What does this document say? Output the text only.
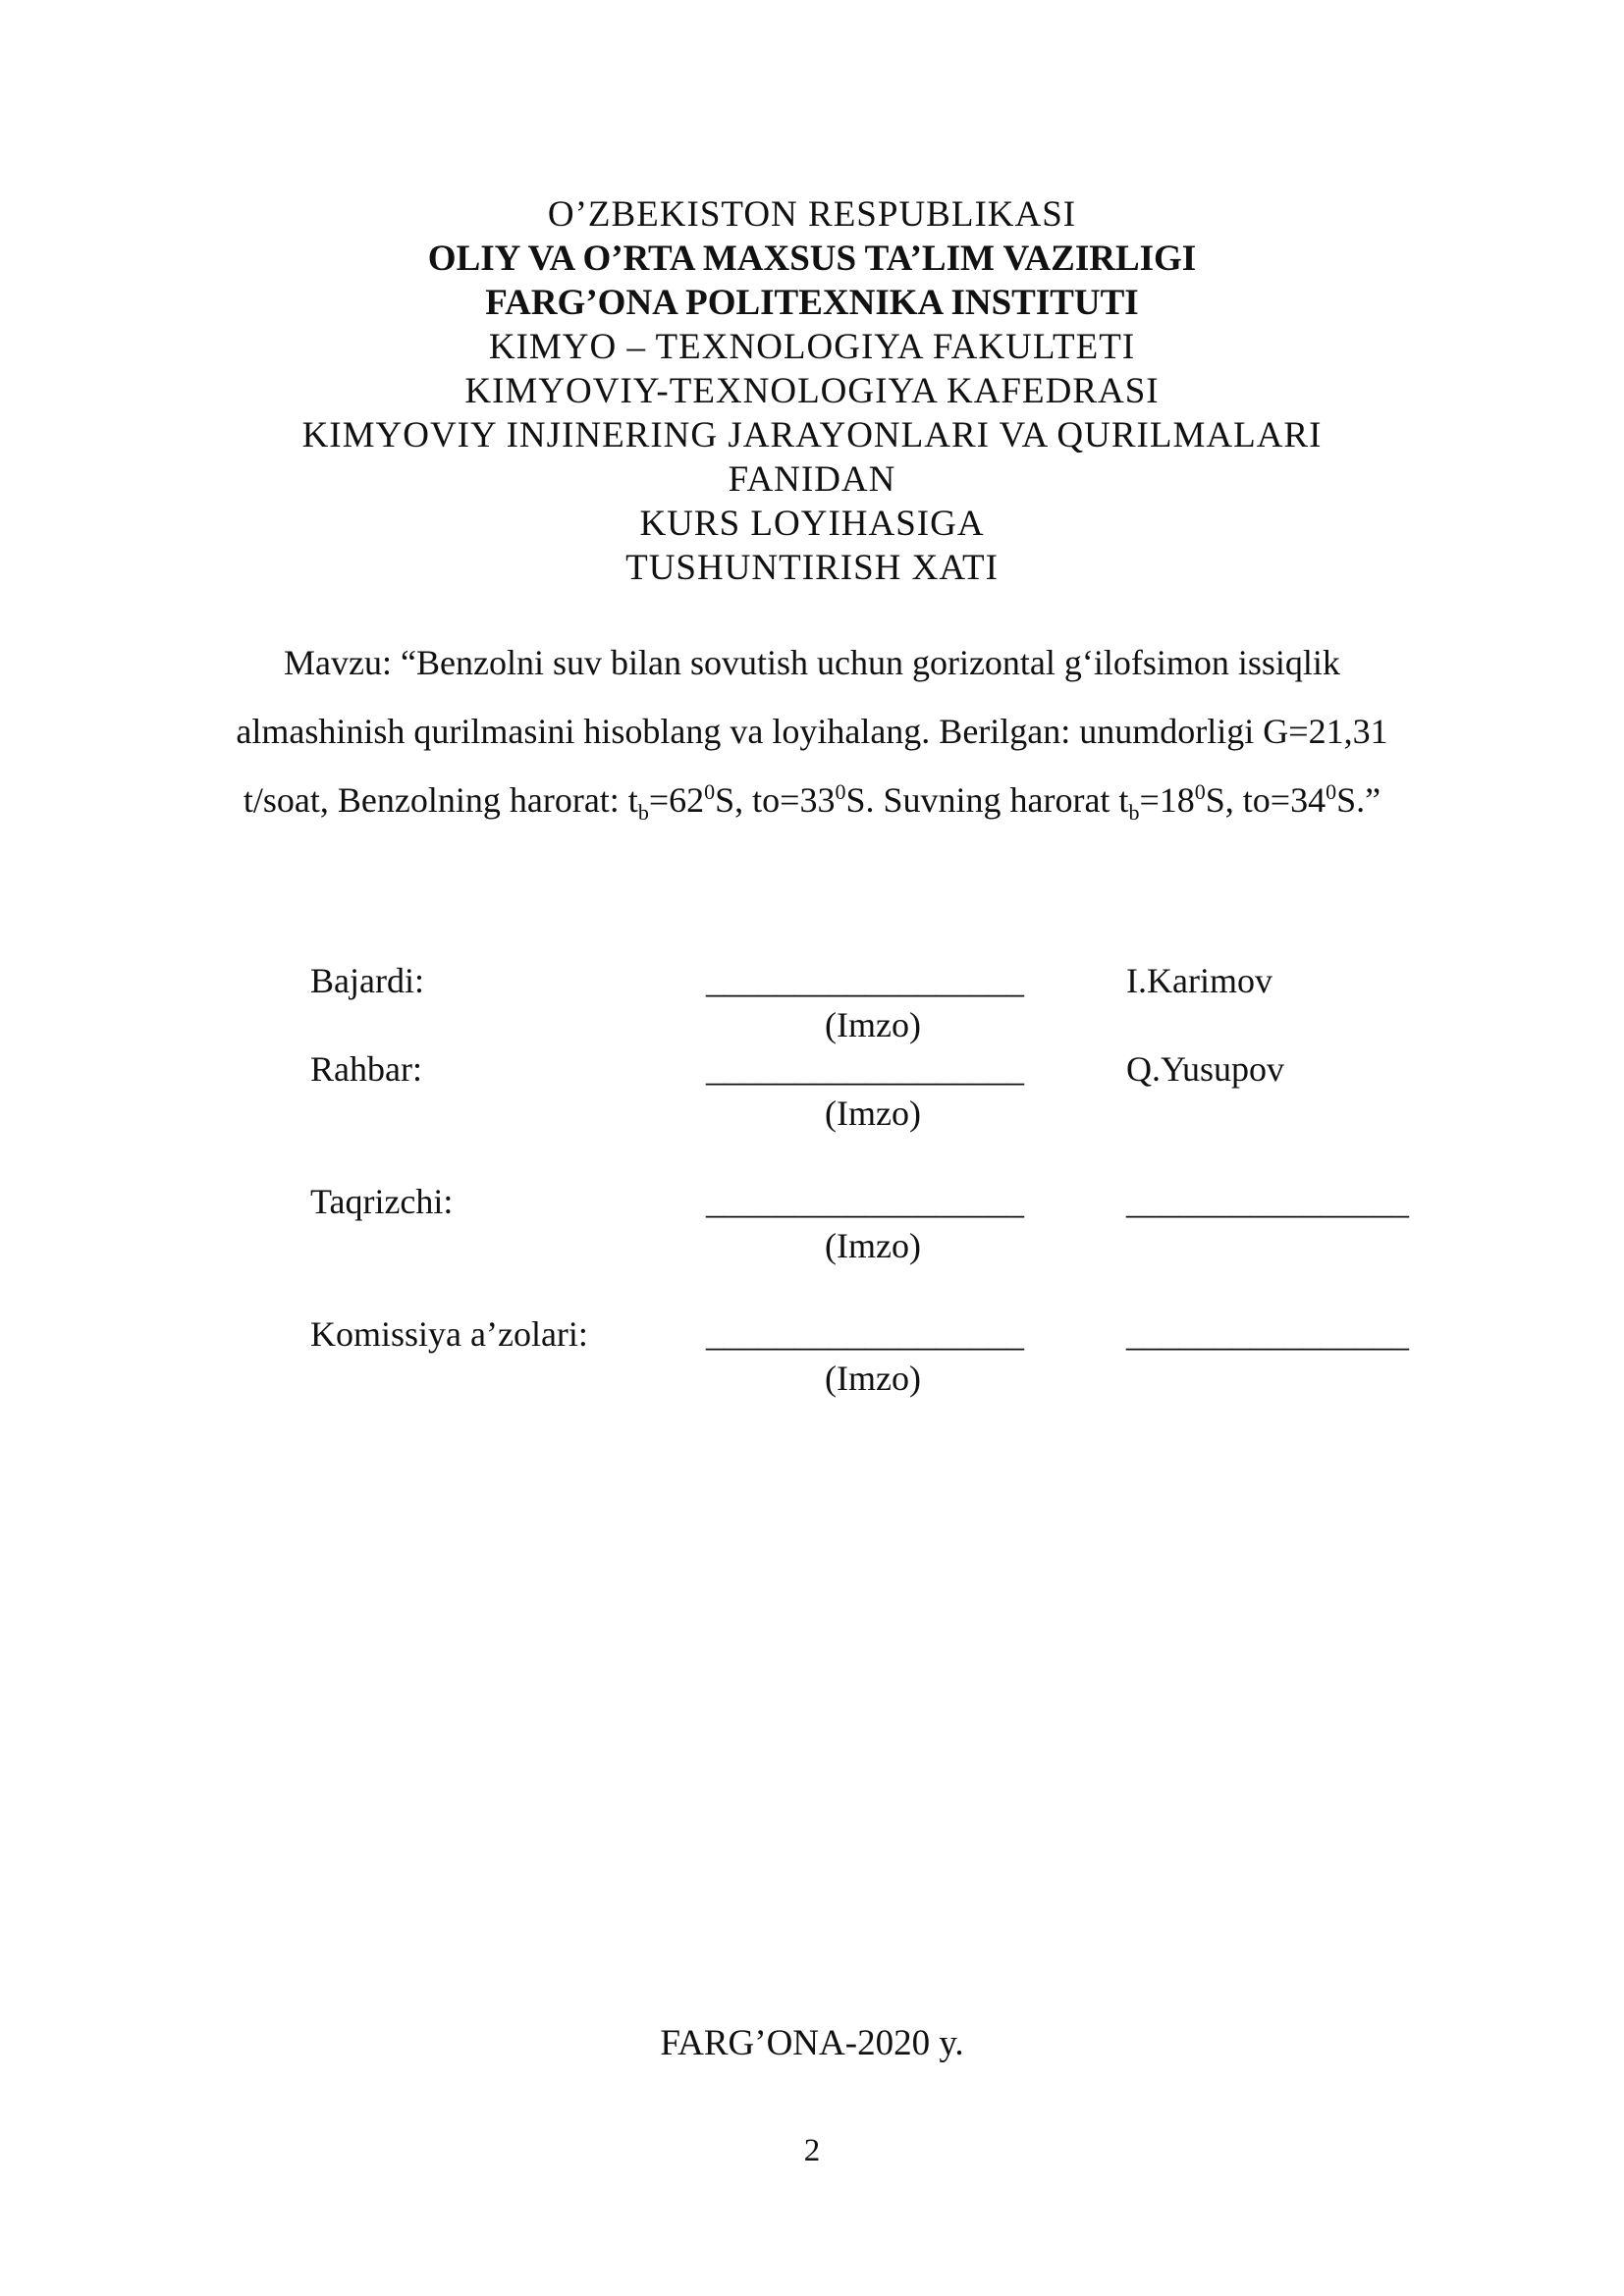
O’ZBEKISTON RESPUBLIKASI
OLIY VA O’RTA MAXSUS TA’LIM VAZIRLIGI
FARG’ONA POLITEXNIKA INSTITUTI
KIMYO – TEXNOLOGIYA FAKULTETI
KIMYOVIY-TEXNOLOGIYA KAFEDRASI
KIMYOVIY INJINERING JARAYONLARI VA QURILMALARI
FANIDAN
KURS LOYIHASIGA
TUSHUNTIRISH XATI
Mavzu: “Benzolni suv bilan sovutish uchun gorizontal g‘ilofsimon issiqlik almashinish qurilmasini hisoblang va loyihalang. Berilgan: unumdorligi G=21,31 t/soat, Benzolning harorat: $t_b=62^0S$, $to=33^0S$. Suvning harorat $t_b=18^0S$, $to=34^0S$.”
Bajardi:	__________________	I.Karimov
(Imzo)
Rahbar:	__________________	Q.Yusupov
(Imzo)
Taqrizchi:	__________________	________________
(Imzo)
Komissiya a’zolari:	__________________	________________
(Imzo)
FARG’ONA-2020 y.
2
